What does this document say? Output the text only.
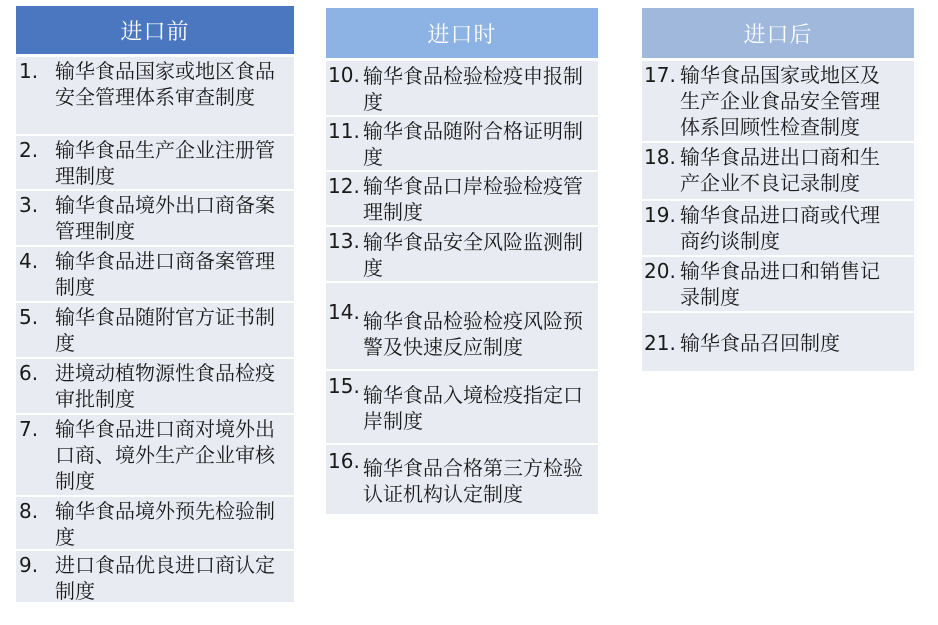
进口前
1. 输华食品国家或地区食品安全管理体系审查制度
2. 输华食品生产企业注册管理制度
3. 输华食品境外出口商备案管理制度
4. 输华食品进口商备案管理制度
5. 输华食品随附官方证书制度
6. 进境动植物源性食品检疫审批制度
7. 输华食品进口商对境外出口商、境外生产企业审核制度
8. 输华食品境外预先检验制度
9. 进口食品优良进口商认定制度
进口时
10. 输华食品检验检疫申报制度
11. 输华食品随附合格证明制度
12. 输华食品口岸检验检疫管理制度
13. 输华食品安全风险监测制度
14. 输华食品检验检疫风险预警及快速反应制度
15. 输华食品入境检疫指定口岸制度
16. 输华食品合格第三方检验认证机构认定制度
进口后
17. 输华食品国家或地区及生产企业食品安全管理体系回顾性检查制度
18. 输华食品进出口商和生产企业不良记录制度
19. 输华食品进口商或代理商约谈制度
20. 输华食品进口和销售记录制度
21. 输华食品召回制度
